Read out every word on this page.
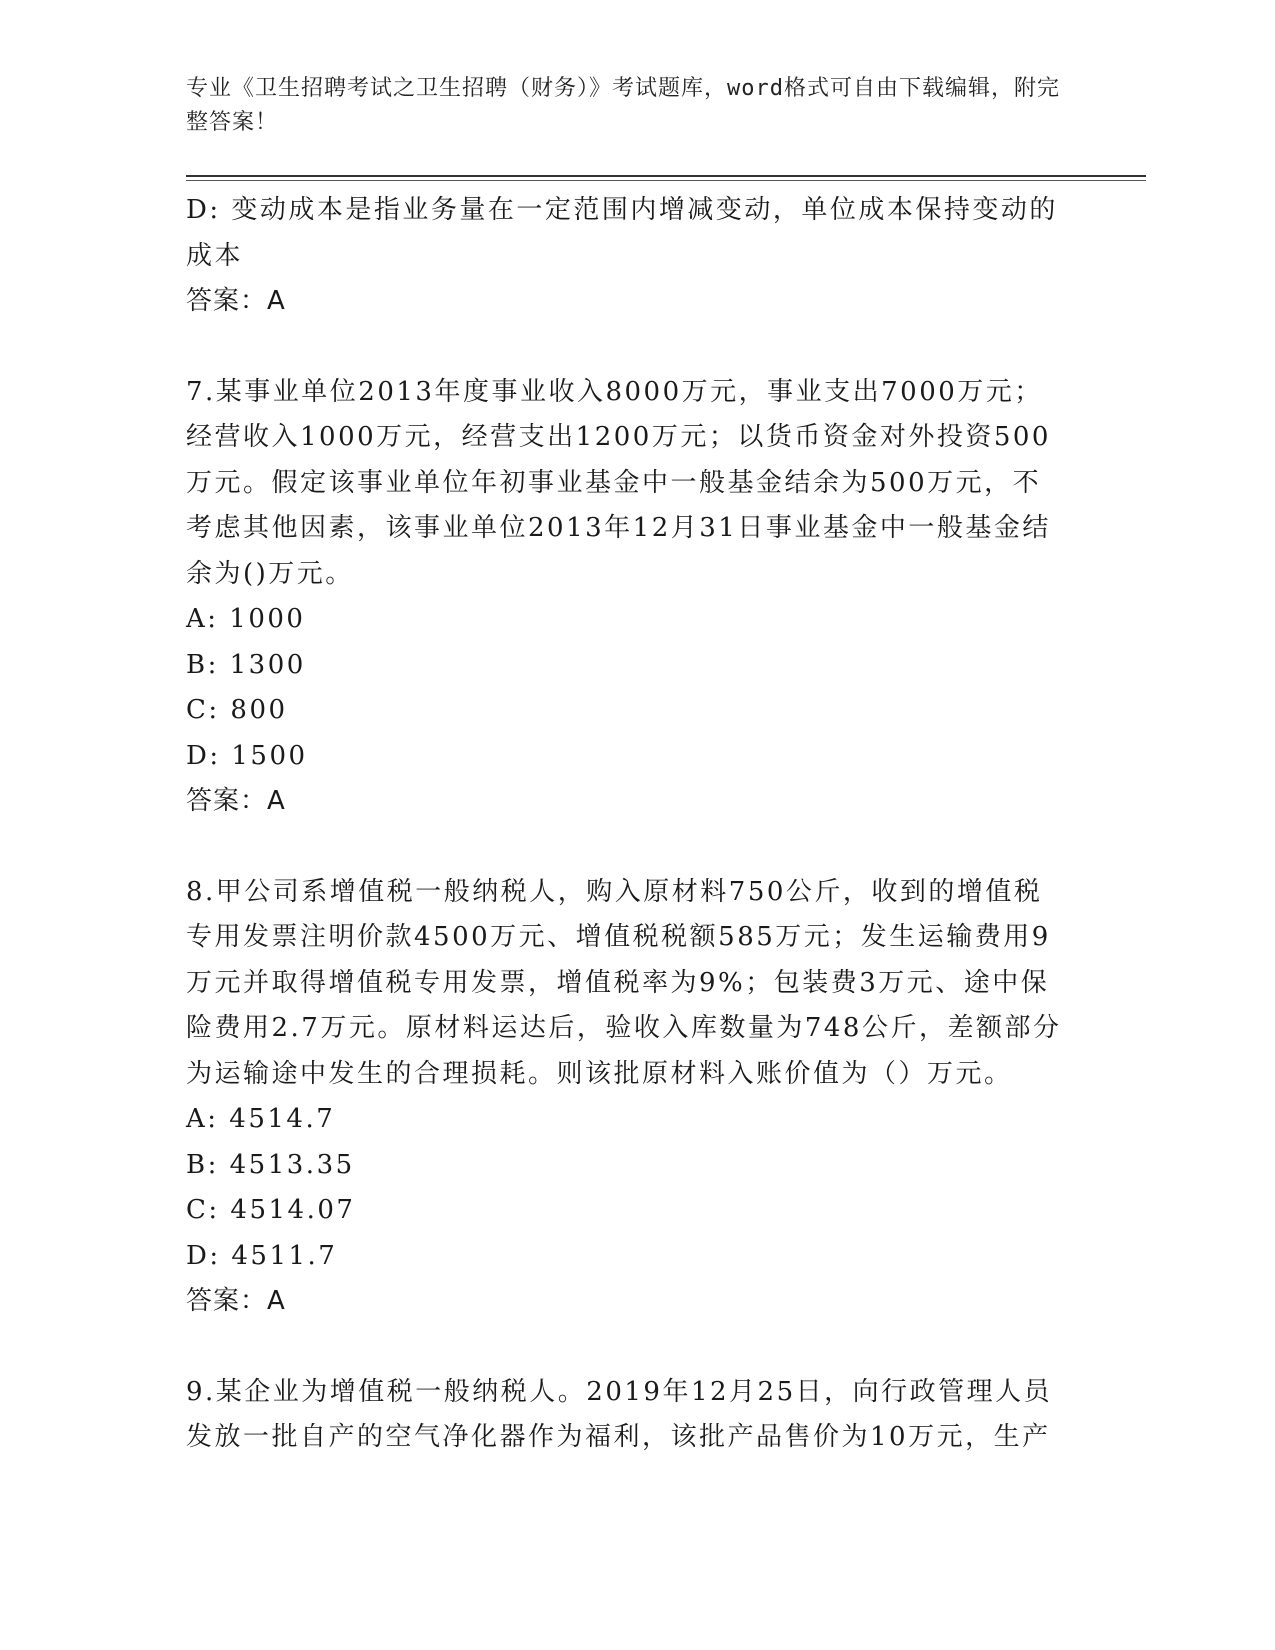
专业《卫生招聘考试之卫生招聘（财务）》考试题库，word格式可自由下载编辑，附完整答案！

D: 变动成本是指业务量在一定范围内增减变动，单位成本保持变动的成本

答案：A

7.某事业单位2013年度事业收入8000万元，事业支出7000万元；经营收入1000万元，经营支出1200万元；以货币资金对外投资500万元。假定该事业单位年初事业基金中一般基金结余为500万元，不考虑其他因素，该事业单位2013年12月31日事业基金中一般基金结余为()万元。

A: 1000

B: 1300

C: 800

D: 1500

答案：A

8.甲公司系增值税一般纳税人，购入原材料750公斤，收到的增值税专用发票注明价款4500万元、增值税税额585万元；发生运输费用9万元并取得增值税专用发票，增值税率为9%；包装费3万元、途中保险费用2.7万元。原材料运达后，验收入库数量为748公斤，差额部分为运输途中发生的合理损耗。则该批原材料入账价值为（）万元。

A: 4514.7

B: 4513.35

C: 4514.07

D: 4511.7

答案：A

9.某企业为增值税一般纳税人。2019年12月25日，向行政管理人员发放一批自产的空气净化器作为福利，该批产品售价为10万元，生产
